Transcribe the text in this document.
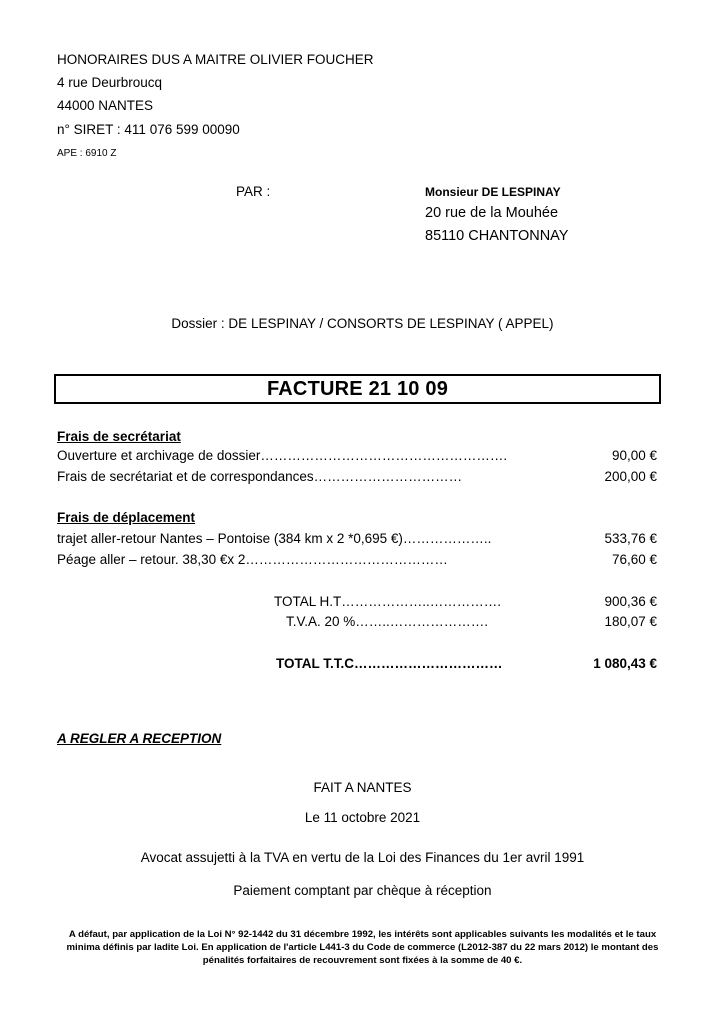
HONORAIRES DUS A MAITRE OLIVIER FOUCHER
4 rue Deurbroucq
44000 NANTES
n° SIRET : 411 076 599 00090
APE : 6910 Z
PAR :	Monsieur DE LESPINAY
20 rue de la Mouhée
85110 CHANTONNAY
Dossier : DE LESPINAY / CONSORTS DE LESPINAY ( APPEL)
FACTURE 21 10 09
Frais de secrétariat
Ouverture et archivage de dossier……………………………………………….	90,00 €
Frais de secrétariat et de correspondances……………………………	200,00 €
Frais de déplacement
trajet aller-retour Nantes – Pontoise (384 km x 2 *0,695 €)………………..	533,76 €
Péage aller – retour. 38,30 €x 2………………………………………	76,60 €
TOTAL H.T………………..…………….	900,36 €
T.V.A. 20 %……..………………….	180,07 €
TOTAL T.T.C……………………………	1 080,43 €
A REGLER A RECEPTION
FAIT A NANTES
Le 11 octobre 2021
Avocat assujetti à la TVA en vertu de la Loi des Finances du 1er avril 1991
Paiement comptant par chèque à réception
A défaut, par application de la Loi N° 92-1442 du 31 décembre 1992, les intérêts sont applicables suivants les modalités et le taux minima définis par ladite Loi. En application de l'article L441-3 du Code de commerce (L2012-387 du 22 mars 2012) le montant des pénalités forfaitaires de recouvrement sont fixées à la somme de 40 €.
